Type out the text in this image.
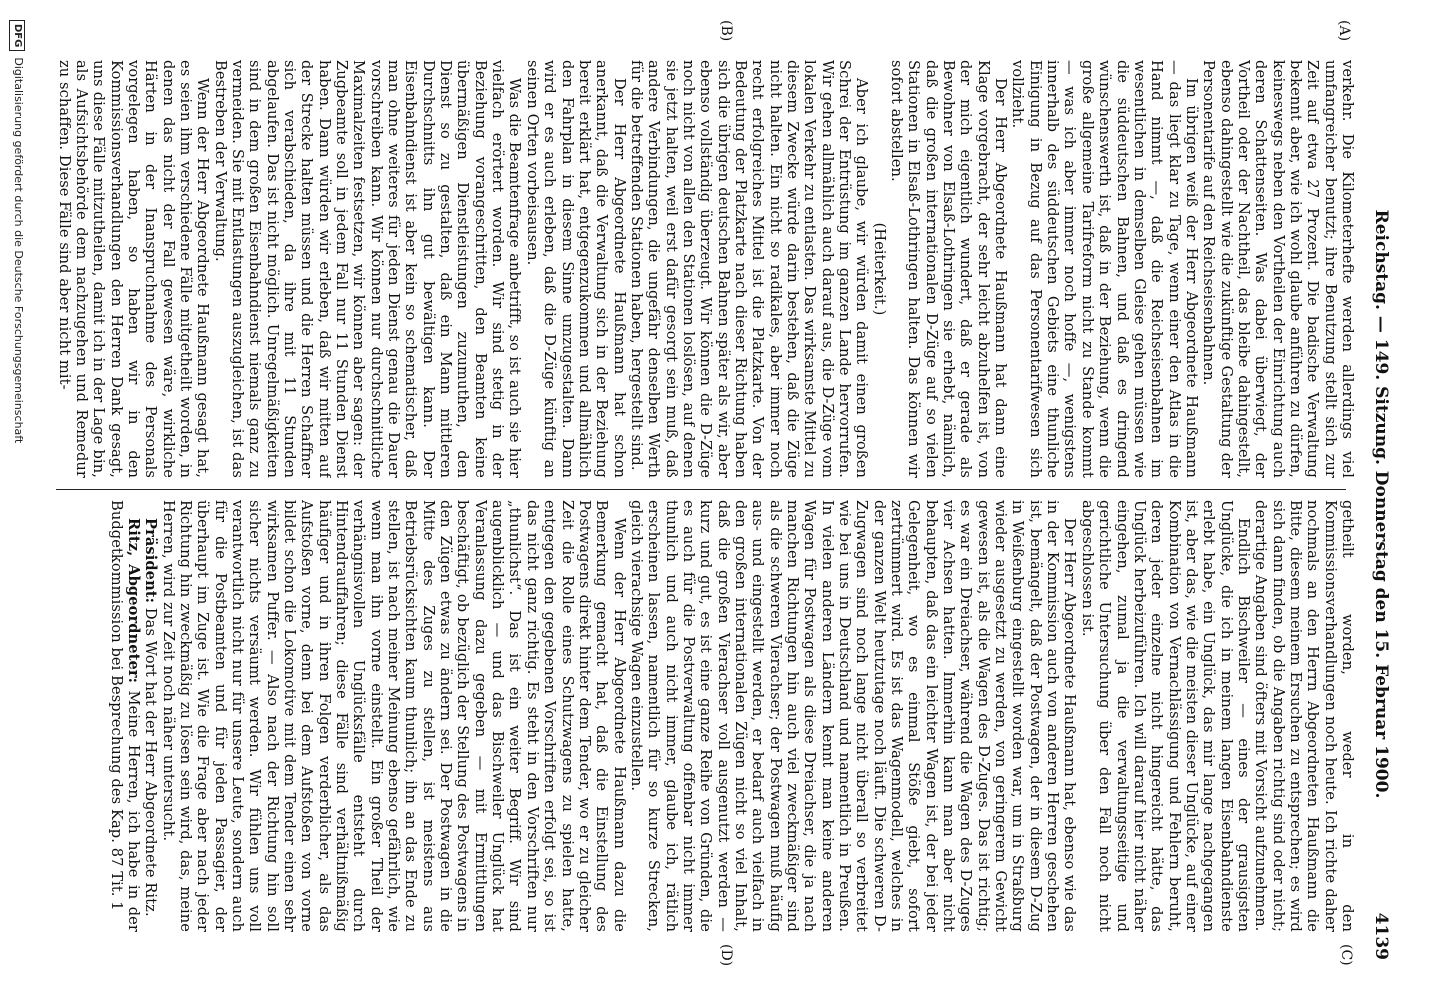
Reichstag. — 149. Sitzung. Donnerstag den 15. Februar 1900.
4139
(A)
(B)
(C)
(D)

verkehr. Die Kilometerhefte werden allerdings viel umfangreicher benutzt; ihre Benutzung stellt sich zur Zeit auf etwa 27 Prozent. Die badische Verwaltung bekennt aber, wie ich wohl glaube anführen zu dürfen, keineswegs neben den Vortheilen der Einrichtung auch deren Schattenseiten. Was dabei überwiegt, der Vortheil oder der Nachtheil, das bleibe dahingestellt, ebenso dahingestellt wie die zukünftige Gestaltung der Personentarife auf den Reichseisenbahnen.

Im übrigen weiß der Herr Abgeordnete Haußmann — das liegt klar zu Tage, wenn einer den Atlas in die Hand nimmt —, daß die Reichseisenbahnen im wesentlichen in demselben Gleise gehen müssen wie die süddeutschen Bahnen, und daß es dringend wünschenswerth ist, daß in der Beziehung, wenn die große allgemeine Tarifreform nicht zu Stande kommt — was ich aber immer noch hoffe —, wenigstens innerhalb des süddeutschen Gebiets eine thunliche Einigung in Bezug auf das Personentarifwesen sich vollzieht.

Der Herr Abgeordnete Haußmann hat dann eine Klage vorgebracht, der sehr leicht abzuhelfen ist, von der mich eigentlich wundert, daß er gerade als Bewohner von Elsaß-Lothringen sie erhebt, nämlich, daß die großen internationalen D-Züge auf so vielen Stationen in Elsaß-Lothringen halten. Das können wir sofort abstellen.

(Heiterkeit.)

Aber ich glaube, wir würden damit einen großen Schrei der Entrüstung im ganzen Lande hervorrufen. Wir gehen allmählich auch darauf aus, die D-Züge vom lokalen Verkehr zu entlasten. Das wirksamste Mittel zu diesem Zwecke würde darin bestehen, daß die Züge nicht halten. Ein nicht so radikales, aber immer noch recht erfolgreiches Mittel ist die Platzkarte. Von der Bedeutung der Platzkarte nach dieser Richtung haben sich die übrigen deutschen Bahnen später als wir, aber ebenso vollständig überzeugt. Wir können die D-Züge noch nicht von allen den Stationen loslösen, auf denen sie jetzt halten, weil erst dafür gesorgt sein muß, daß andere Verbindungen, die ungefähr denselben Werth für die betreffenden Stationen haben, hergestellt sind.

Der Herr Abgeordnete Haußmann hat schon anerkannt, daß die Verwaltung sich in der Beziehung bereit erklärt hat, entgegenzukommen und allmählich den Fahrplan in diesem Sinne umzugestalten. Dann wird er es auch erleben, daß die D-Züge künftig an seinen Orten vorbeisausen.

Was die Beamtenfrage anbetrifft, so ist auch sie hier vielfach erörtert worden. Wir sind stetig in der Beziehung vorangeschritten, den Beamten keine übermäßigen Dienstleistungen zuzumuthen, den Dienst so zu gestalten, daß ein Mann mittleren Durchschnitts ihn gut bewältigen kann. Der Eisenbahndienst ist aber kein so schematischer, daß man ohne weiteres für jeden Dienst genau die Dauer vorschreiben kann. Wir können nur durchschnittliche Maximalzeiten festsetzen, wir können aber sagen: der Zugbeamte soll in jedem Fall nur 11 Stunden Dienst haben. Dann würden wir erleben, daß wir mitten auf der Strecke halten müssen und die Herren Schaffner sich verabschieden, da ihre mit 11 Stunden abgelaufen. Das ist nicht möglich. Unregelmäßigkeiten sind in dem großen Eisenbahndienst niemals ganz zu vermeiden. Sie mit Entlastungen auszugleichen, ist das Bestreben der Verwaltung.

Wenn der Herr Abgeordnete Haußmann gesagt hat, es seien ihm verschiedene Fälle mitgetheilt worden, in denen das nicht der Fall gewesen wäre, wirkliche Härten in der Inanspruchnahme des Personals vorgelegen haben, so haben wir in den Kommissionsverhandlungen den Herren Dank gesagt, uns diese Fälle mitzutheilen, damit ich in der Lage bin, als Aufsichtsbehörde dem nachzugehen und Remedur zu schaffen. Diese Fälle sind aber nicht mit-

getheilt worden, weder in den Kommissionsverhandlungen noch heute. Ich richte daher nochmals an den Herrn Abgeordneten Haußmann die Bitte, diesem meinem Ersuchen zu entsprechen; es wird sich dann finden, ob die Angaben richtig sind oder nicht; derartige Angaben sind öfters mit Vorsicht aufzunehmen.

Endlich Bischweiler — eines der grausigsten Unglücke, die ich in meinem langen Eisenbahndienste erlebt habe, ein Unglück, das mir lange nachgegangen ist, aber das, wie die meisten dieser Unglücke, auf einer Kombination von Vernachlässigung und Fehlern beruht, deren jeder einzelne nicht hingereicht hätte, das Unglück herbeizuführen. Ich will darauf hier nicht näher eingehen, zumal ja die verwaltungsseitige und gerichtliche Untersuchung über den Fall noch nicht abgeschlossen ist.

Der Herr Abgeordnete Haußmann hat, ebenso wie das in der Kommission auch von anderen Herren geschehen ist, bemängelt, daß der Postwagen, der in diesem D-Zug in Weißenburg eingestellt worden war, um in Straßburg wieder ausgesetzt zu werden, von geringerem Gewicht gewesen ist, als die Wagen des D-Zuges. Das ist richtig; es war ein Dreiachser, während die Wagen des D-Zuges vier Achsen hatten. Immerhin kann man aber nicht behaupten, daß das ein leichter Wagen ist, der bei jeder Gelegenheit, wo es einmal Stöße giebt, sofort zertrümmert wird. Es ist das Wagenmodell, welches in der ganzen Welt heutzutage noch läuft. Die schweren D-Zugwagen sind noch lange nicht überall so verbreitet wie bei uns in Deutschland und namentlich in Preußen. In vielen anderen Ländern kennt man keine anderen Wagen für Postwagen als diese Dreiachser, die ja nach manchen Richtungen hin auch viel zweckmäßiger sind als die schweren Vierachser; der Postwagen muß häufig aus- und eingestellt werden, er bedarf auch vielfach in den großen internationalen Zügen nicht so viel Inhalt, daß die großen Vierachser voll ausgenutzt werden — kurz und gut, es ist eine ganze Reihe von Gründen, die es auch für die Postverwaltung offenbar nicht immer thunlich und auch nicht immer, glaube ich, rätlich erscheinen lassen, namentlich für so kurze Strecken, gleich vierachsige Wagen einzustellen.

Wenn der Herr Abgeordnete Haußmann dazu die Bemerkung gemacht hat, daß die Einstellung des Postwagens direkt hinter dem Tender, wo er zu gleicher Zeit die Rolle eines Schutzwagens zu spielen hatte, entgegen den gegebenen Vorschriften erfolgt sei, so ist das nicht ganz richtig. Es steht in den Vorschriften nur „thunlichst“. Das ist ein weiter Begriff. Wir sind augenblicklich — und das Bischweiler Unglück hat Veranlassung dazu gegeben — mit Ermittlungen beschäftigt, ob bezüglich der Stellung des Postwagens in den Zügen etwas zu ändern sei. Der Postwagen in die Mitte des Zuges zu stellen, ist meistens aus Betriebsrücksichten kaum thunlich; ihn an das Ende zu stellen, ist nach meiner Meinung ebenso gefährlich, wie wenn man ihn vorne einstellt. Ein großer Theil der verhängnisvollen Unglücksfälle entsteht durch Hintendrauffahren; diese Fälle sind verhältnißmäßig häufiger und in ihren Folgen verderblicher, als das Aufstoßen vorne, denn bei dem Aufstoßen von vorne bildet schon die Lokomotive mit dem Tender einen sehr wirksamen Puffer. — Also nach der Richtung hin soll sicher nichts versäumt werden. Wir fühlen uns voll verantwortlich nicht nur für unsere Leute, sondern auch für die Postbeamten und für jeden Passagier, der überhaupt im Zuge ist. Wie die Frage aber nach jeder Richtung hin zweckmäßig zu lösen sein wird, das, meine Herren, wird zur Zeit noch näher untersucht.

Präsident: Das Wort hat der Herr Abgeordnete Ritz.

Ritz, Abgeordneter: Meine Herren, ich habe in der Budgetkommission bei Besprechung des Kap. 87 Tit. 1

DFGDigitalisierung gefördert durch die Deutsche Forschungsgemeinschaft
